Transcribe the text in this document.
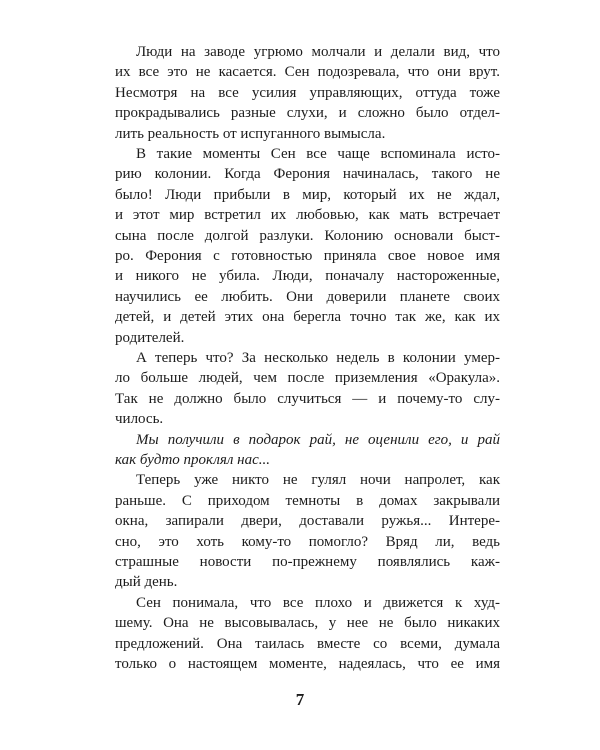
Люди на заводе угрюмо молчали и делали вид, что
их все это не касается. Сен подозревала, что они врут.
Несмотря на все усилия управляющих, оттуда тоже
прокрадывались разные слухи, и сложно было отдел-
лить реальность от испуганного вымысла.
В такие моменты Сен все чаще вспоминала исто-
рию колонии. Когда Ферония начиналась, такого не
было! Люди прибыли в мир, который их не ждал,
и этот мир встретил их любовью, как мать встречает
сына после долгой разлуки. Колонию основали быст-
ро. Ферония с готовностью приняла свое новое имя
и никого не убила. Люди, поначалу настороженные,
научились ее любить. Они доверили планете своих
детей, и детей этих она берегла точно так же, как их
родителей.
А теперь что? За несколько недель в колонии умер-
ло больше людей, чем после приземления «Оракула».
Так не должно было случиться — и почему-то слу-
чилось.
Мы получили в подарок рай, не оценили его, и рай
как будто проклял нас...
Теперь уже никто не гулял ночи напролет, как
раньше. С приходом темноты в домах закрывали
окна, запирали двери, доставали ружья... Интере-
сно, это хоть кому-то помогло? Вряд ли, ведь
страшные новости по-прежнему появлялись каж-
дый день.
Сен понимала, что все плохо и движется к худ-
шему. Она не высовывалась, у нее не было никаких
предложений. Она таилась вместе со всеми, думала
только о настоящем моменте, надеялась, что ее имя
7
